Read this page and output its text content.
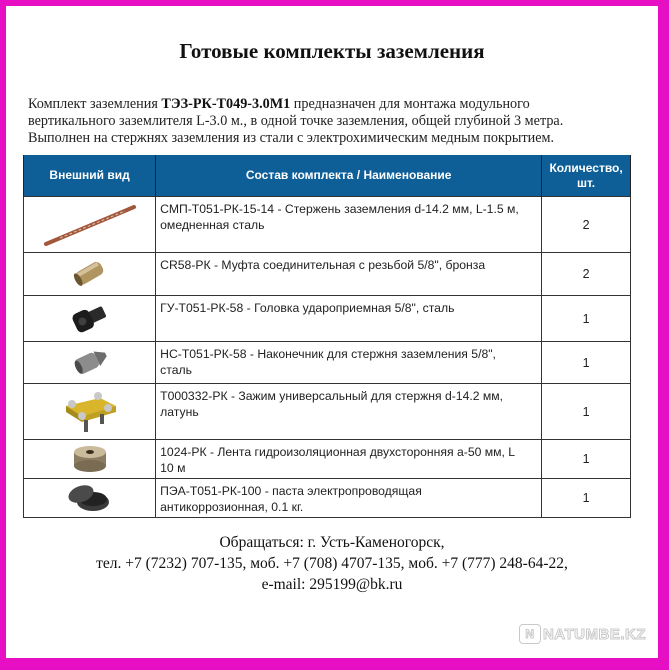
Готовые комплекты заземления

Комплект заземления ТЭЗ-РК-Т049-3.0М1 предназначен для монтажа модульного
вертикального заземлителя L-3.0 м., в одной точке заземления, общей глубиной 3 метра.
Выполнен на стержнях заземления из стали с электрохимическим медным покрытием.

Внешний вид	Состав комплекта / Наименование	Количество,
шт.

	СМП-Т051-РК-15-14 - Стержень заземления d-14.2 мм, L-1.5 м,
омедненная сталь	2

	CR58-РК - Муфта соединительная с резьбой 5/8", бронза	2

	ГУ-Т051-РК-58 - Головка удароприемная 5/8", сталь	1

	НС-Т051-РК-58 - Наконечник для стержня заземления 5/8",
сталь	1

	Т000332-РК - Зажим универсальный для стержня d-14.2 мм,
латунь	1

	1024-РК - Лента гидроизоляционная двухсторонняя а-50 мм, L
10 м	1

	ПЭА-Т051-РК-100 - паста электропроводящая
антикоррозионная, 0.1 кг.	1
Обращаться: г. Усть-Каменогорск,
тел. +7 (7232) 707-135, моб. +7 (708) 4707-135, моб. +7 (777) 248-64-22,
e-mail: 295199@bk.ru
N NATUMBE.KZ
